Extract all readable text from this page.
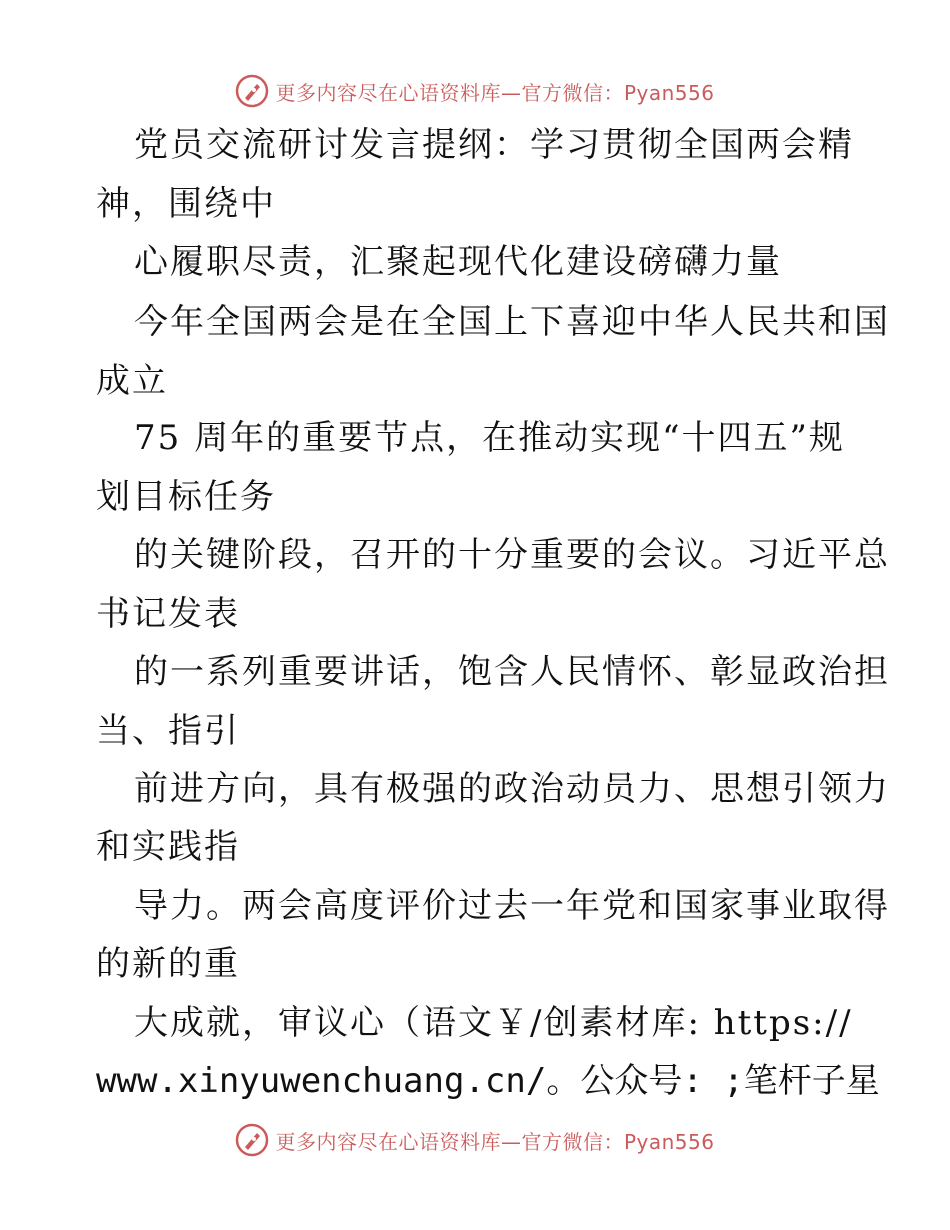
更多内容尽在心语资料库—官方微信：Pyan556
党员交流研讨发言提纲：学习贯彻全国两会精
神，围绕中
心履职尽责，汇聚起现代化建设磅礴力量
今年全国两会是在全国上下喜迎中华人民共和国
成立
75 周年的重要节点，在推动实现“十四五”规
划目标任务
的关键阶段，召开的十分重要的会议。习近平总
书记发表
的一系列重要讲话，饱含人民情怀、彰显政治担
当、指引
前进方向，具有极强的政治动员力、思想引领力
和实践指
导力。两会高度评价过去一年党和国家事业取得
的新的重
大成就，审议心（语文￥/创素材库: https://
www.xinyuwenchuang.cn/。公众号: ;笔杆子星
更多内容尽在心语资料库—官方微信：Pyan556
